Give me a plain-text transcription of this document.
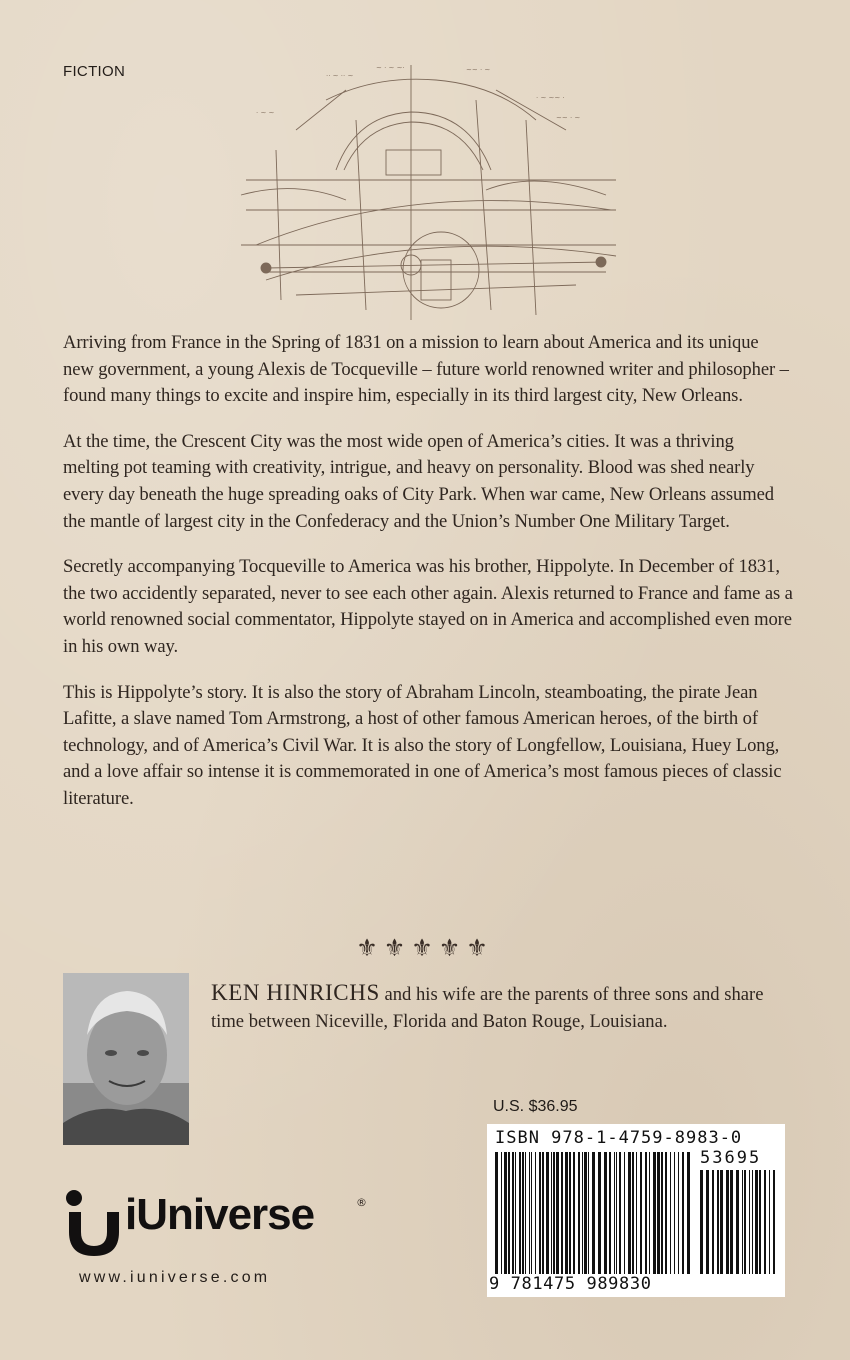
FICTION	·· ~ ·· ~
~ · ~ ~·	~~ · ~
· ~ ~~ ·
~~ · ~
· ~ ~

Arriving from France in the Spring of 1831 on a mission to learn about America and its unique new government, a young Alexis de Tocqueville – future world renowned writer and philosopher – found many things to excite and inspire him, especially in its third largest city, New Orleans.

At the time, the Crescent City was the most wide open of America’s cities. It was a thriving melting pot teaming with creativity, intrigue, and heavy on personality. Blood was shed nearly every day beneath the huge spreading oaks of City Park. When war came, New Orleans assumed the mantle of largest city in the Confederacy and the Union’s Number One Military Target.

Secretly accompanying Tocqueville to America was his brother, Hippolyte. In December of 1831, the two accidently separated, never to see each other again. Alexis returned to France and fame as a world renowned social commentator, Hippolyte stayed on in America and accomplished even more in his own way.

This is Hippolyte’s story. It is also the story of Abraham Lincoln, steamboating, the pirate Jean Lafitte, a slave named Tom Armstrong, a host of other famous American heroes, of the birth of technology, and of America’s Civil War. It is also the story of Longfellow, Louisiana, Huey Long, and a love affair so intense it is commemorated in one of America’s most famous pieces of classic literature.

⚜⚜⚜⚜⚜
KEN HINRICHS and his wife are the parents of three sons and share time between Niceville, Florida and Baton Rouge, Louisiana.
U.S. $36.95
ISBN 978-1-4759-8983-0
53695
9 781475 989830
iUniverse	®
www.iuniverse.com
